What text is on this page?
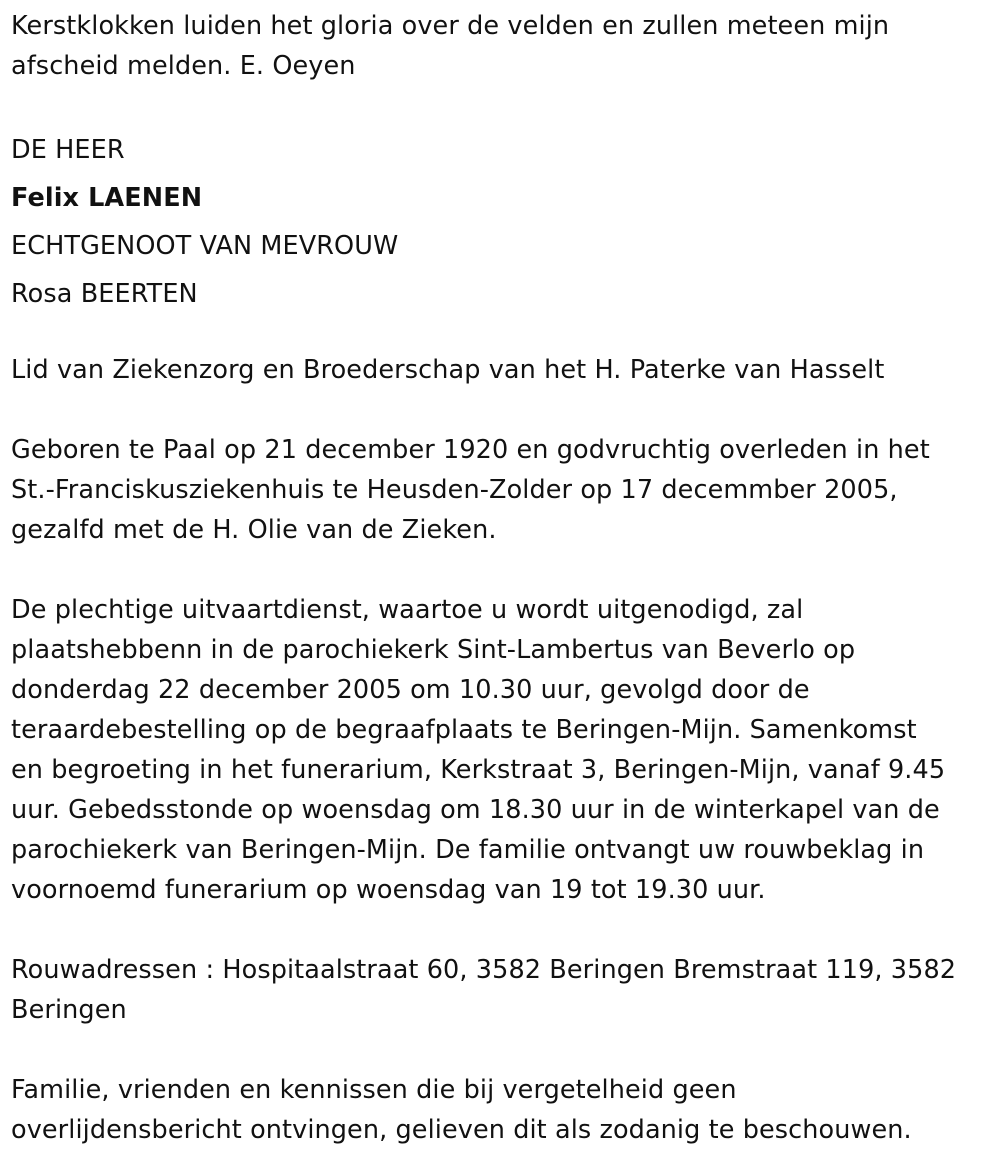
Kerstklokken luiden het gloria over de velden en zullen meteen mijn
afscheid melden. E. Oeyen
DE HEER
Felix LAENEN
ECHTGENOOT VAN MEVROUW
Rosa BEERTEN
Lid van Ziekenzorg en Broederschap van het H. Paterke van Hasselt
Geboren te Paal op 21 december 1920 en godvruchtig overleden in het
St.-Franciskusziekenhuis te Heusden-Zolder op 17 decemmber 2005,
gezalfd met de H. Olie van de Zieken.
De plechtige uitvaartdienst, waartoe u wordt uitgenodigd, zal
plaatshebbenn in de parochiekerk Sint-Lambertus van Beverlo op
donderdag 22 december 2005 om 10.30 uur, gevolgd door de
teraardebestelling op de begraafplaats te Beringen-Mijn. Samenkomst
en begroeting in het funerarium, Kerkstraat 3, Beringen-Mijn, vanaf 9.45
uur. Gebedsstonde op woensdag om 18.30 uur in de winterkapel van de
parochiekerk van Beringen-Mijn. De familie ontvangt uw rouwbeklag in
voornoemd funerarium op woensdag van 19 tot 19.30 uur.
Rouwadressen : Hospitaalstraat 60, 3582 Beringen Bremstraat 119, 3582
Beringen
Familie, vrienden en kennissen die bij vergetelheid geen
overlijdensbericht ontvingen, gelieven dit als zodanig te beschouwen.
